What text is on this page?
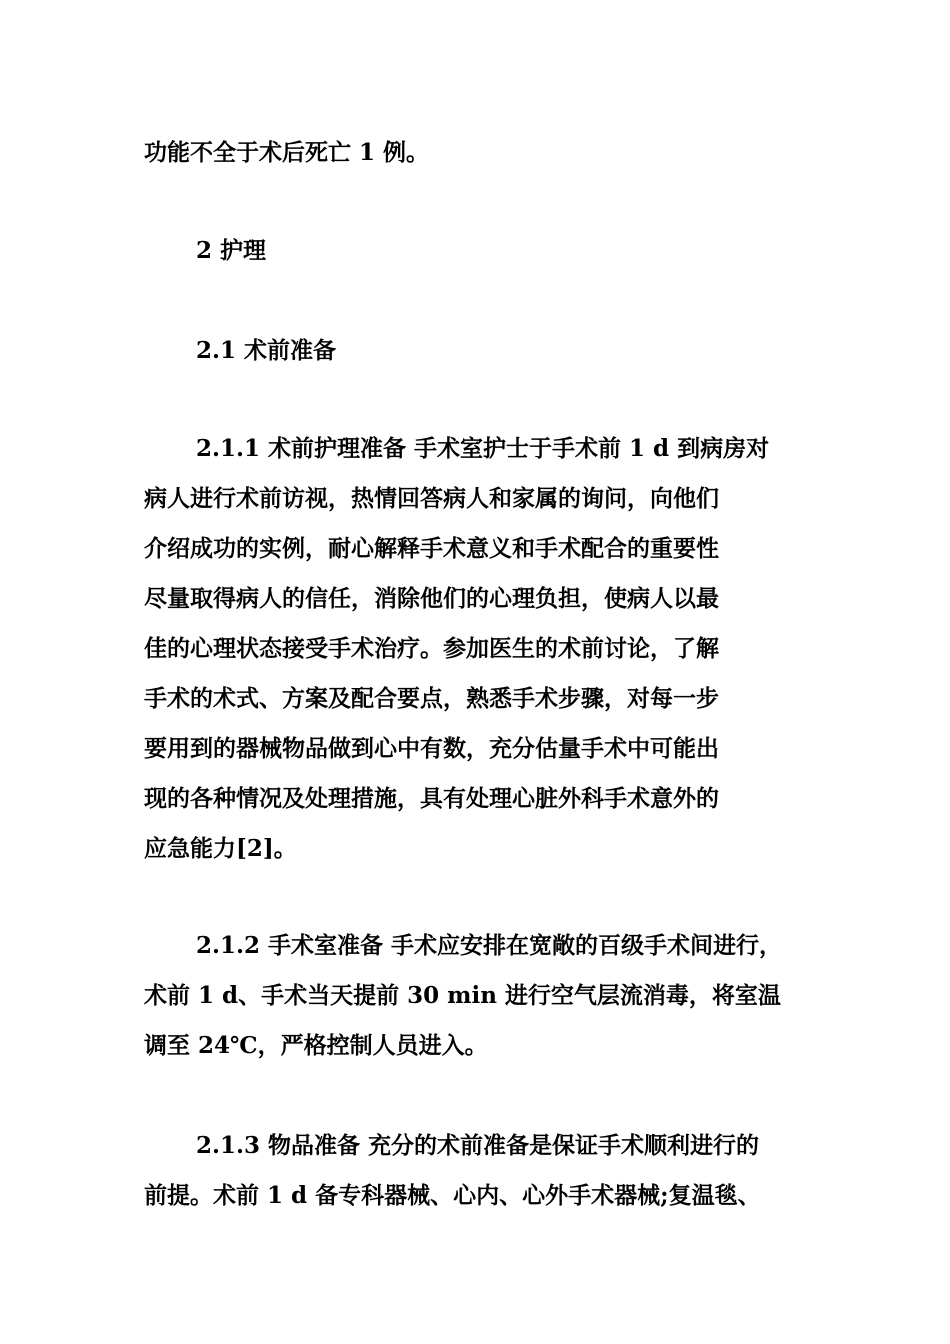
功能不全于术后死亡 1 例。
2 护理
2.1 术前准备
2.1.1 术前护理准备 手术室护士于手术前 1 d 到病房对
病人进行术前访视，热情回答病人和家属的询问，向他们
介绍成功的实例，耐心解释手术意义和手术配合的重要性
尽量取得病人的信任，消除他们的心理负担，使病人以最
佳的心理状态接受手术治疗。参加医生的术前讨论，了解
手术的术式、方案及配合要点，熟悉手术步骤，对每一步
要用到的器械物品做到心中有数，充分估量手术中可能出
现的各种情况及处理措施，具有处理心脏外科手术意外的
应急能力[2]。
2.1.2 手术室准备 手术应安排在宽敞的百级手术间进行，
术前 1 d、手术当天提前 30 min 进行空气层流消毒，将室温
调至 24℃，严格控制人员进入。
2.1.3 物品准备 充分的术前准备是保证手术顺利进行的
前提。术前 1 d 备专科器械、心内、心外手术器械;复温毯、
